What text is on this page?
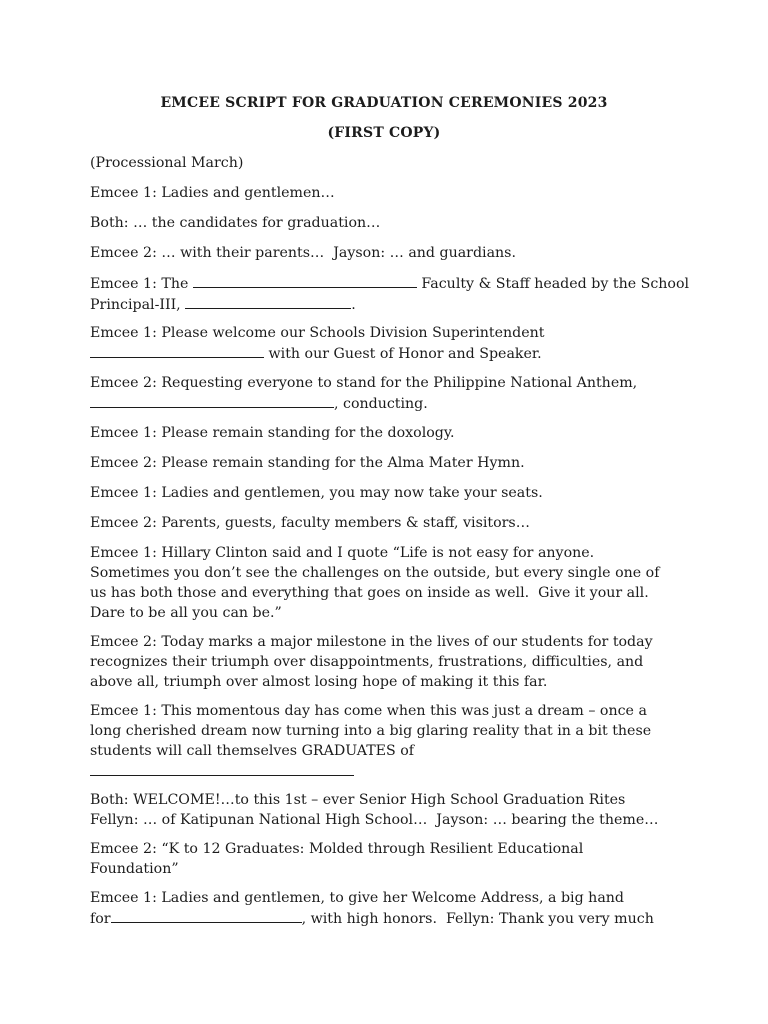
EMCEE SCRIPT FOR GRADUATION CEREMONIES 2023
(FIRST COPY)

(Processional March)

Emcee 1: Ladies and gentlemen…

Both: … the candidates for graduation…

Emcee 2: … with their parents…  Jayson: … and guardians.

Emcee 1: The	Faculty & Staff headed by the School
Principal-III,	.

Emcee 1: Please welcome our Schools Division Superintendent
with our Guest of Honor and Speaker.

Emcee 2: Requesting everyone to stand for the Philippine National Anthem,
, conducting.

Emcee 1: Please remain standing for the doxology.

Emcee 2: Please remain standing for the Alma Mater Hymn.

Emcee 1: Ladies and gentlemen, you may now take your seats.

Emcee 2: Parents, guests, faculty members & staff, visitors…

Emcee 1: Hillary Clinton said and I quote “Life is not easy for anyone.
Sometimes you don’t see the challenges on the outside, but every single one of
us has both those and everything that goes on inside as well.  Give it your all.
Dare to be all you can be.”

Emcee 2: Today marks a major milestone in the lives of our students for today
recognizes their triumph over disappointments, frustrations, difficulties, and
above all, triumph over almost losing hope of making it this far.

Emcee 1: This momentous day has come when this was just a dream – once a
long cherished dream now turning into a big glaring reality that in a bit these
students will call themselves GRADUATES of

Both: WELCOME!…to this 1st – ever Senior High School Graduation Rites
Fellyn: … of Katipunan National High School…  Jayson: … bearing the theme…

Emcee 2: “K to 12 Graduates: Molded through Resilient Educational
Foundation”

Emcee 1: Ladies and gentlemen, to give her Welcome Address, a big hand
for	, with high honors.  Fellyn: Thank you very much
